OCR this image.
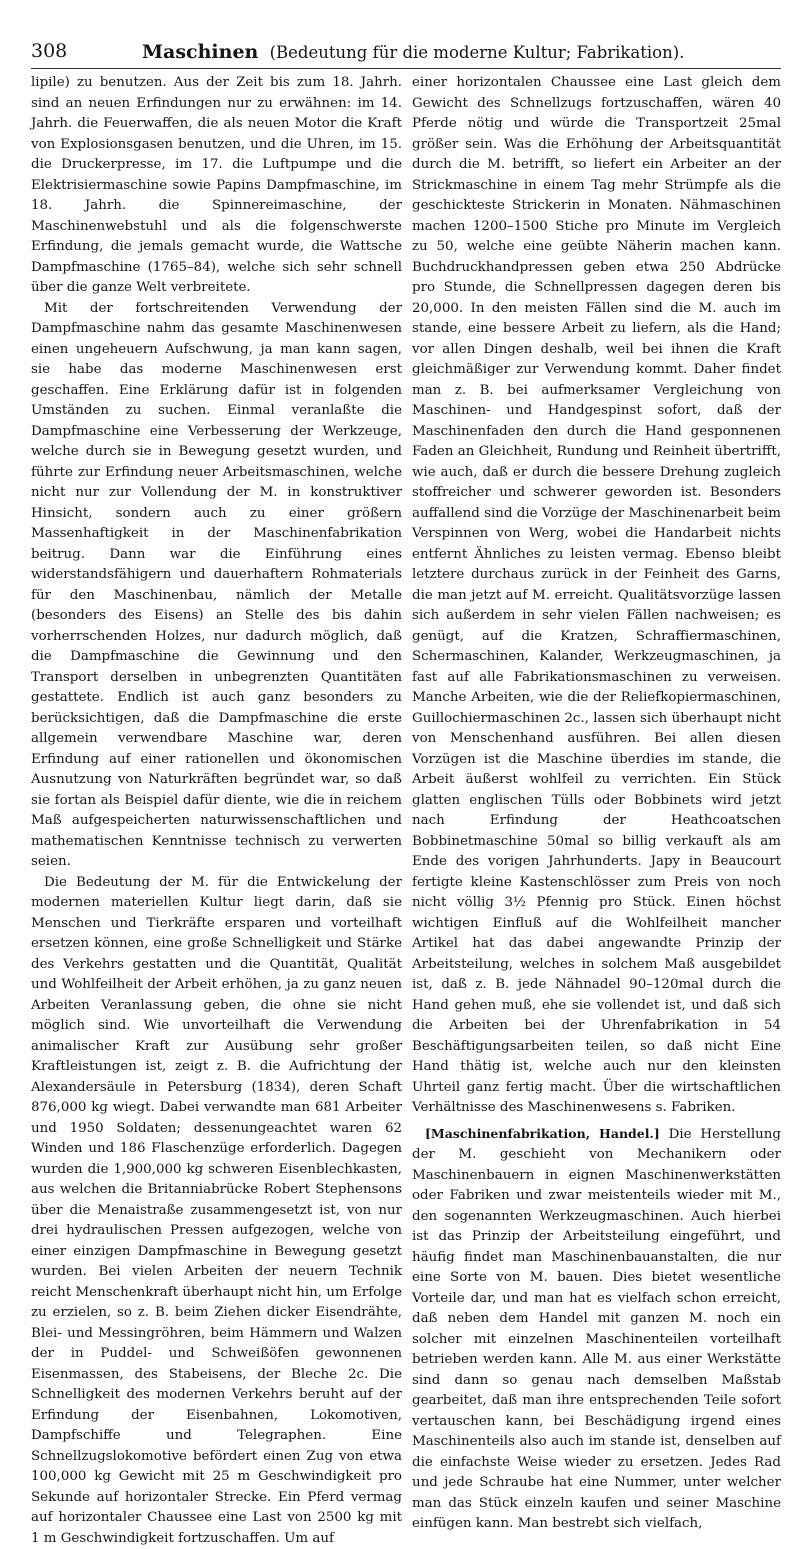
308	Maschinen (Bedeutung für die moderne Kultur; Fabrikation).

lipile) zu benutzen. Aus der Zeit bis zum 18. Jahrh. sind an neuen Erfindungen nur zu erwähnen: im 14. Jahrh. die Feuerwaffen, die als neuen Motor die Kraft von Explosionsgasen benutzen, und die Uhren, im 15. die Druckerpresse, im 17. die Luftpumpe und die Elektrisiermaschine sowie Papins Dampfmaschine, im 18. Jahrh. die Spinnereimaschine, der Maschinenwebstuhl und als die folgenschwerste Erfindung, die jemals gemacht wurde, die Wattsche Dampfmaschine (1765–84), welche sich sehr schnell über die ganze Welt verbreitete.

Mit der fortschreitenden Verwendung der Dampfmaschine nahm das gesamte Maschinenwesen einen ungeheuern Aufschwung, ja man kann sagen, sie habe das moderne Maschinenwesen erst geschaffen. Eine Erklärung dafür ist in folgenden Umständen zu suchen. Einmal veranlaßte die Dampfmaschine eine Verbesserung der Werkzeuge, welche durch sie in Bewegung gesetzt wurden, und führte zur Erfindung neuer Arbeitsmaschinen, welche nicht nur zur Vollendung der M. in konstruktiver Hinsicht, sondern auch zu einer größern Massenhaftigkeit in der Maschinenfabrikation beitrug. Dann war die Einführung eines widerstandsfähigern und dauerhaftern Rohmaterials für den Maschinenbau, nämlich der Metalle (besonders des Eisens) an Stelle des bis dahin vorherrschenden Holzes, nur dadurch möglich, daß die Dampfmaschine die Gewinnung und den Transport derselben in unbegrenzten Quantitäten gestattete. Endlich ist auch ganz besonders zu berücksichtigen, daß die Dampfmaschine die erste allgemein verwendbare Maschine war, deren Erfindung auf einer rationellen und ökonomischen Ausnutzung von Naturkräften begründet war, so daß sie fortan als Beispiel dafür diente, wie die in reichem Maß aufgespeicherten naturwissenschaftlichen und mathematischen Kenntnisse technisch zu verwerten seien.

Die Bedeutung der M. für die Entwickelung der modernen materiellen Kultur liegt darin, daß sie Menschen und Tierkräfte ersparen und vorteilhaft ersetzen können, eine große Schnelligkeit und Stärke des Verkehrs gestatten und die Quantität, Qualität und Wohlfeilheit der Arbeit erhöhen, ja zu ganz neuen Arbeiten Veranlassung geben, die ohne sie nicht möglich sind. Wie unvorteilhaft die Verwendung animalischer Kraft zur Ausübung sehr großer Kraftleistungen ist, zeigt z. B. die Aufrichtung der Alexandersäule in Petersburg (1834), deren Schaft 876,000 kg wiegt. Dabei verwandte man 681 Arbeiter und 1950 Soldaten; dessenungeachtet waren 62 Winden und 186 Flaschenzüge erforderlich. Dagegen wurden die 1,900,000 kg schweren Eisenblechkasten, aus welchen die Britanniabrücke Robert Stephensons über die Menaistraße zusammengesetzt ist, von nur drei hydraulischen Pressen aufgezogen, welche von einer einzigen Dampfmaschine in Bewegung gesetzt wurden. Bei vielen Arbeiten der neuern Technik reicht Menschenkraft überhaupt nicht hin, um Erfolge zu erzielen, so z. B. beim Ziehen dicker Eisendrähte, Blei- und Messingröhren, beim Hämmern und Walzen der in Puddel- und Schweißöfen gewonnenen Eisenmassen, des Stabeisens, der Bleche 2c. Die Schnelligkeit des modernen Verkehrs beruht auf der Erfindung der Eisenbahnen, Lokomotiven, Dampfschiffe und Telegraphen. Eine Schnellzugslokomotive befördert einen Zug von etwa 100,000 kg Gewicht mit 25 m Geschwindigkeit pro Sekunde auf horizontaler Strecke. Ein Pferd vermag auf horizontaler Chaussee eine Last von 2500 kg mit 1 m Geschwindigkeit fortzuschaffen. Um auf

einer horizontalen Chaussee eine Last gleich dem Gewicht des Schnellzugs fortzuschaffen, wären 40 Pferde nötig und würde die Transportzeit 25mal größer sein. Was die Erhöhung der Arbeitsquantität durch die M. betrifft, so liefert ein Arbeiter an der Strickmaschine in einem Tag mehr Strümpfe als die geschickteste Strickerin in Monaten. Nähmaschinen machen 1200–1500 Stiche pro Minute im Vergleich zu 50, welche eine geübte Näherin machen kann. Buchdruckhandpressen geben etwa 250 Abdrücke pro Stunde, die Schnellpressen dagegen deren bis 20,000. In den meisten Fällen sind die M. auch im stande, eine bessere Arbeit zu liefern, als die Hand; vor allen Dingen deshalb, weil bei ihnen die Kraft gleichmäßiger zur Verwendung kommt. Daher findet man z. B. bei aufmerksamer Vergleichung von Maschinen- und Handgespinst sofort, daß der Maschinenfaden den durch die Hand gesponnenen Faden an Gleichheit, Rundung und Reinheit übertrifft, wie auch, daß er durch die bessere Drehung zugleich stoffreicher und schwerer geworden ist. Besonders auffallend sind die Vorzüge der Maschinenarbeit beim Verspinnen von Werg, wobei die Handarbeit nichts entfernt Ähnliches zu leisten vermag. Ebenso bleibt letztere durchaus zurück in der Feinheit des Garns, die man jetzt auf M. erreicht. Qualitätsvorzüge lassen sich außerdem in sehr vielen Fällen nachweisen; es genügt, auf die Kratzen, Schraffiermaschinen, Schermaschinen, Kalander, Werkzeugmaschinen, ja fast auf alle Fabrikationsmaschinen zu verweisen. Manche Arbeiten, wie die der Reliefkopiermaschinen, Guillochiermaschinen 2c., lassen sich überhaupt nicht von Menschenhand ausführen. Bei allen diesen Vorzügen ist die Maschine überdies im stande, die Arbeit äußerst wohlfeil zu verrichten. Ein Stück glatten englischen Tülls oder Bobbinets wird jetzt nach Erfindung der Heathcoatschen Bobbinetmaschine 50mal so billig verkauft als am Ende des vorigen Jahrhunderts. Japy in Beaucourt fertigte kleine Kastenschlösser zum Preis von noch nicht völlig 3½ Pfennig pro Stück. Einen höchst wichtigen Einfluß auf die Wohlfeilheit mancher Artikel hat das dabei angewandte Prinzip der Arbeitsteilung, welches in solchem Maß ausgebildet ist, daß z. B. jede Nähnadel 90–120mal durch die Hand gehen muß, ehe sie vollendet ist, und daß sich die Arbeiten bei der Uhrenfabrikation in 54 Beschäftigungsarbeiten teilen, so daß nicht Eine Hand thätig ist, welche auch nur den kleinsten Uhrteil ganz fertig macht. Über die wirtschaftlichen Verhältnisse des Maschinenwesens s. Fabriken.

[Maschinenfabrikation, Handel.] Die Herstellung der M. geschieht von Mechanikern oder Maschinenbauern in eignen Maschinenwerkstätten oder Fabriken und zwar meistenteils wieder mit M., den sogenannten Werkzeugmaschinen. Auch hierbei ist das Prinzip der Arbeitsteilung eingeführt, und häufig findet man Maschinenbauanstalten, die nur eine Sorte von M. bauen. Dies bietet wesentliche Vorteile dar, und man hat es vielfach schon erreicht, daß neben dem Handel mit ganzen M. noch ein solcher mit einzelnen Maschinenteilen vorteilhaft betrieben werden kann. Alle M. aus einer Werkstätte sind dann so genau nach demselben Maßstab gearbeitet, daß man ihre entsprechenden Teile sofort vertauschen kann, bei Beschädigung irgend eines Maschinenteils also auch im stande ist, denselben auf die einfachste Weise wieder zu ersetzen. Jedes Rad und jede Schraube hat eine Nummer, unter welcher man das Stück einzeln kaufen und seiner Maschine einfügen kann. Man bestrebt sich vielfach,
